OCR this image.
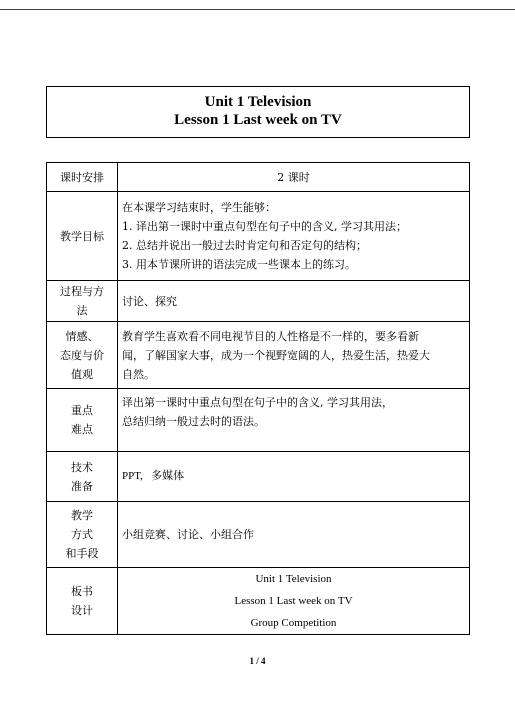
Unit 1 Television
Lesson 1 Last week on TV
课时安排	2 课时

教学目标	在本课学习结束时，学生能够：
1. 译出第一课时中重点句型在句子中的含义, 学习其用法；
2. 总结并说出一般过去时肯定句和否定句的结构；
3. 用本节课所讲的语法完成一些课本上的练习。

过程与方
法	讨论、探究

情感、
态度与价
值观	教育学生喜欢看不同电视节目的人性格是不一样的，要多看新
闻，了解国家大事，成为一个视野宽阔的人，热爱生活，热爱大
自然。

重点
难点	译出第一课时中重点句型在句子中的含义, 学习其用法，
总结归纳一般过去时的语法。

技术
准备	PPT,   多媒体

教学
方式
和手段	小组竞赛、讨论、小组合作

板书
设计	Unit 1 Television
Lesson 1 Last week on TV
Group Competition
1 / 4
